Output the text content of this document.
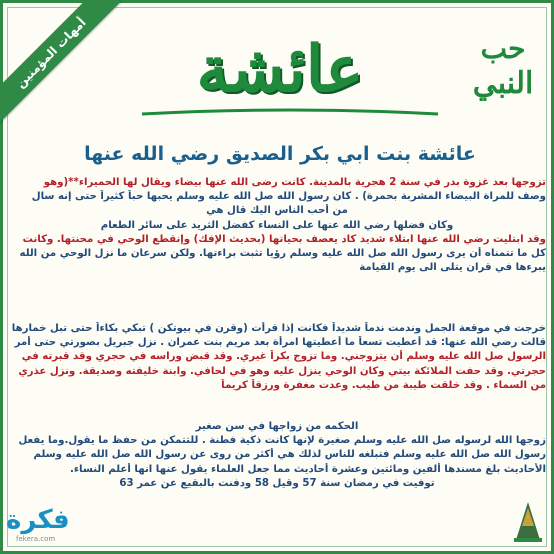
أمهات المؤمنين	عائشة	حب
النبي
عائشة بنت ابي بكر الصديق رضي الله عنها

تزوجها بعد غزوة بدر في سنة 2 هجرية بالمدينة. كانت رضى الله عنها بيضاء ويقال لها الحميراء**(وهو

وصف للمراة البيضاء المشربة بحمرة) . كان رسول الله صل الله عليه وسلم يحبها حباً كثيراً حتى إنه سال

من أحب الناس اليك قال هي

وكان فضلها رضي الله عنها على النساء كفضل الثريد على سائر الطعام

وقد ابتليت رضي الله عنها ابتلاء شديد كاد يعصف بحياتها (بحديث الإفك) وإنقطع الوحي في محنتها. وكانت

كل ما تتمناه أن يرى رسول الله صل الله عليه وسلم رؤيا تثبت براءتها. ولكن سرعان ما نزل الوحي من الله

يبرءها في قران يتلى الى يوم القيامة

خرجت في موقعة الجمل وندمت ندماً شديداً فكانت إذا قرأت (وقرن في بيوتكن ) تبكي بكاءاً حتى تبل خمارها

قالت رضي الله عنها: قد أعطيت تسعاً ما أعطيتها امرأة بعد مريم بنت عمران . نزل جبريل بصورتي حتى أمر

الرسول صل الله عليه وسلم أن يتزوجني. وما تزوج بكراً غيري. وقد قبض وراسه في حجري وقد قبرته في

حجرتي. وقد حفت الملائكة بيتي وكان الوحي ينزل عليه وهو في لحافي. وابنة خليفته وصديقة. ونزل عذري

من السماء . وقد خلقت طيبة من طيب. وعدت مغفرة ورزقاً كريماً

الحكمه من زواجها في سن صغير

زوجها الله لرسوله صل الله عليه وسلم صغيرة لإنها كانت ذكية فطنة . للتتمكن من حفظ ما يقول.وما يفعل

رسول الله صل الله عليه وسلم فتبلغه للناس لذلك هي أكثر من روى عن رسول الله صل الله عليه وسلم

الأحاديث بلغ مسندها ألفين ومائتين وعشرة أحاديث مما جعل العلماء يقول عنها انها أعلم النساء.

توفيت في رمضان سنة 57 وقيل 58 ودفنت بالبقيع عن عمر 63

فكرة
fekera.com
